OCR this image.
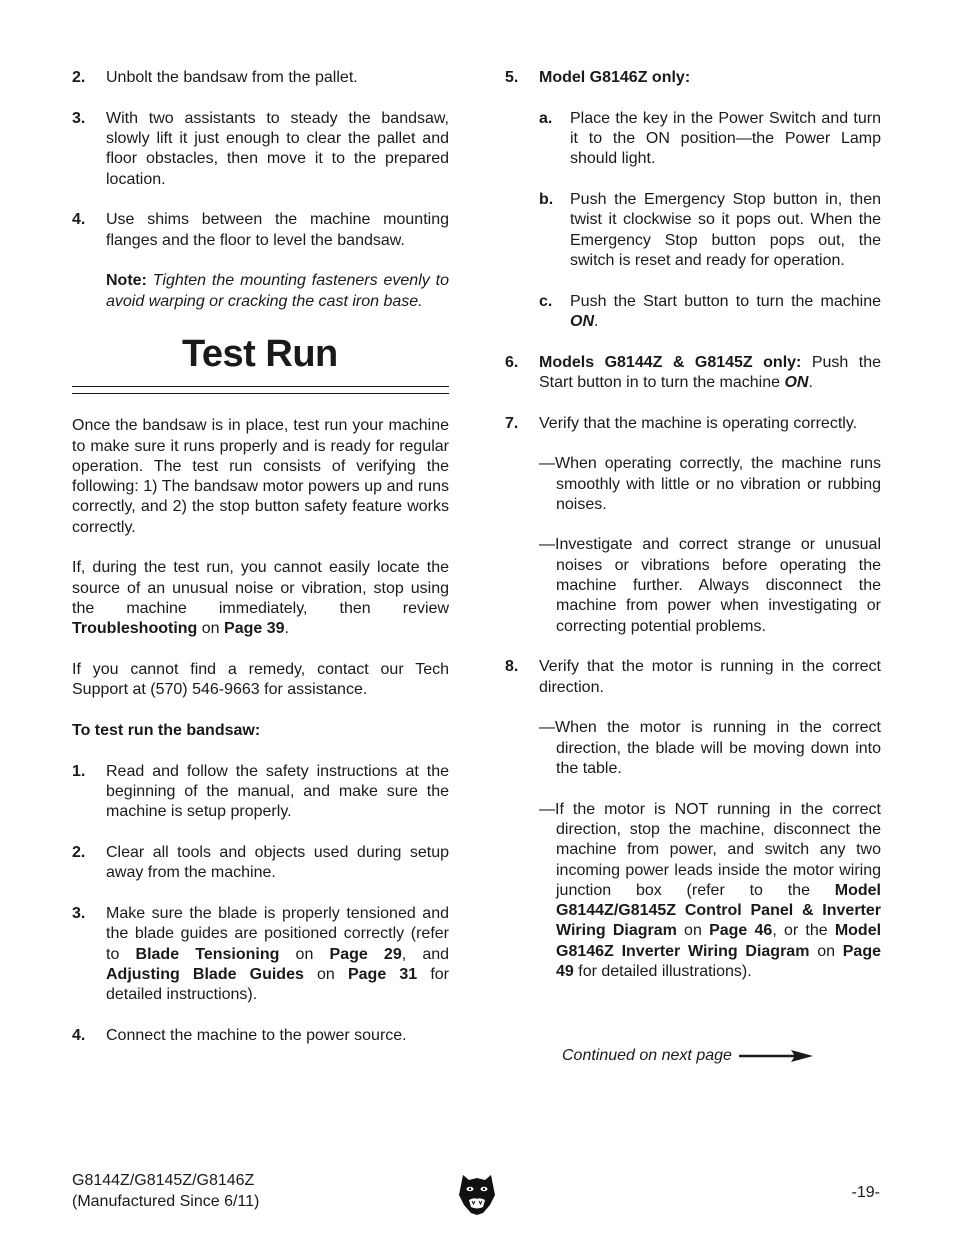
2.	Unbolt the bandsaw from the pallet.
3.	With two assistants to steady the bandsaw, slowly lift it just enough to clear the pallet and floor obstacles, then move it to the prepared location.
4.	Use shims between the machine mounting flanges and the floor to level the bandsaw.
Note: Tighten the mounting fasteners evenly to avoid warping or cracking the cast iron base.
Test Run

Once the bandsaw is in place, test run your machine to make sure it runs properly and is ready for regular operation. The test run consists of verifying the following: 1) The bandsaw motor powers up and runs correctly, and 2) the stop button safety feature works correctly.

If, during the test run, you cannot easily locate the source of an unusual noise or vibration, stop using the machine immediately, then review Troubleshooting on Page 39.

If you cannot find a remedy, contact our Tech Support at (570) 546-9663 for assistance.

To test run the bandsaw:

1.	Read and follow the safety instructions at the beginning of the manual, and make sure the machine is setup properly.
2.	Clear all tools and objects used during setup away from the machine.
3.	Make sure the blade is properly tensioned and the blade guides are positioned correctly (refer to Blade Tensioning on Page 29, and Adjusting Blade Guides on Page 31 for detailed instructions).
4.	Connect the machine to the power source.
5.	Model G8146Z only:
a.	Place the key in the Power Switch and turn it to the ON position—the Power Lamp should light.
b.	Push the Emergency Stop button in, then twist it clockwise so it pops out. When the Emergency Stop button pops out, the switch is reset and ready for operation.
c.	Push the Start button to turn the machine ON.
6.	Models G8144Z & G8145Z only: Push the Start button in to turn the machine ON.
7.	Verify that the machine is operating correctly.
—When operating correctly, the machine runs smoothly with little or no vibration or rubbing noises.
—Investigate and correct strange or unusual noises or vibrations before operating the machine further. Always disconnect the machine from power when investigating or correcting potential problems.
8.	Verify that the motor is running in the correct direction.
—When the motor is running in the correct direction, the blade will be moving down into the table.
—If the motor is NOT running in the correct direction, stop the machine, disconnect the machine from power, and switch any two incoming power leads inside the motor wiring junction box (refer to the Model G8144Z/G8145Z Control Panel & Inverter Wiring Diagram on Page 46, or the Model G8146Z Inverter Wiring Diagram on Page 49 for detailed illustrations).
Continued on next page
G8144Z/G8145Z/G8146Z
(Manufactured Since 6/11)	-19-
